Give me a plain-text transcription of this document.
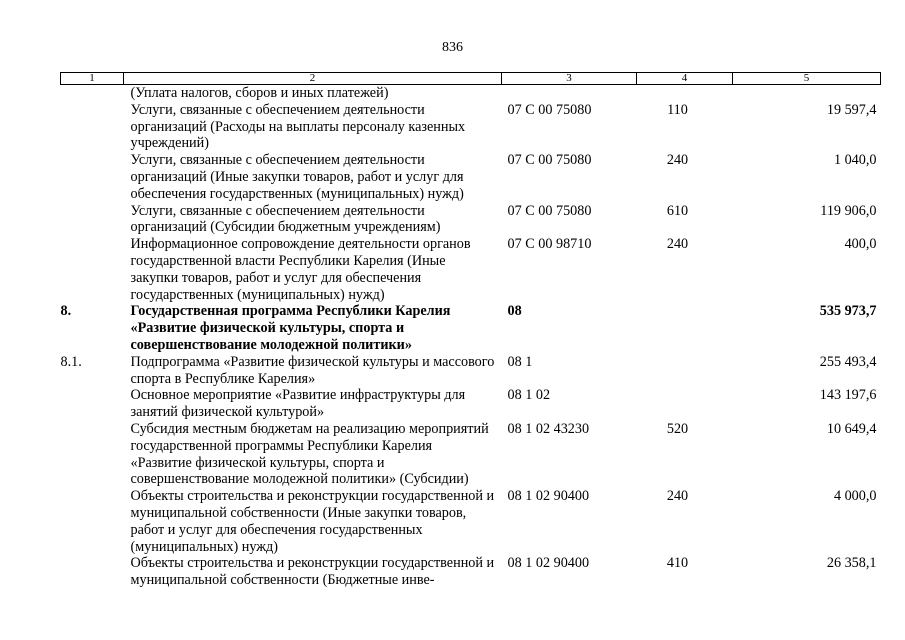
836
1	2	3	4	5
	(Уплата налогов, сборов и иных платежей)			
	Услуги, связанные с обеспечением деятельности организаций (Расходы на выплаты персоналу казенных учреждений)	07 С 00 75080	110	19 597,4
	Услуги, связанные с обеспечением деятельности организаций (Иные закупки товаров, работ и услуг для обеспечения государственных (муниципальных) нужд)	07 С 00 75080	240	1 040,0
	Услуги, связанные с обеспечением деятельности организаций (Субсидии бюджетным учреждениям)	07 С 00 75080	610	119 906,0
	Информационное сопровождение деятельности органов государственной власти Республики Карелия (Иные закупки товаров, работ и услуг для обеспечения государственных (муниципальных) нужд)	07 С 00 98710	240	400,0
8.	Государственная программа Республики Карелия «Развитие физической культуры, спорта и совершенствование молодежной политики»	08		535 973,7
8.1.	Подпрограмма «Развитие физической культуры и массового спорта в Республике Карелия»	08 1		255 493,4
	Основное мероприятие «Развитие инфраструктуры для занятий физической культурой»	08 1 02		143 197,6
	Субсидия местным бюджетам на реализацию мероприятий государственной программы Республики Карелия «Развитие физической культуры, спорта и совершенствование молодежной политики» (Субсидии)	08 1 02 43230	520	10 649,4
	Объекты строительства и реконструкции государственной и муниципальной собственности (Иные закупки товаров, работ и услуг для обеспечения государственных (муниципальных) нужд)	08 1 02 90400	240	4 000,0
	Объекты строительства и реконструкции государственной и муниципальной собственности (Бюджетные инве-	08 1 02 90400	410	26 358,1
